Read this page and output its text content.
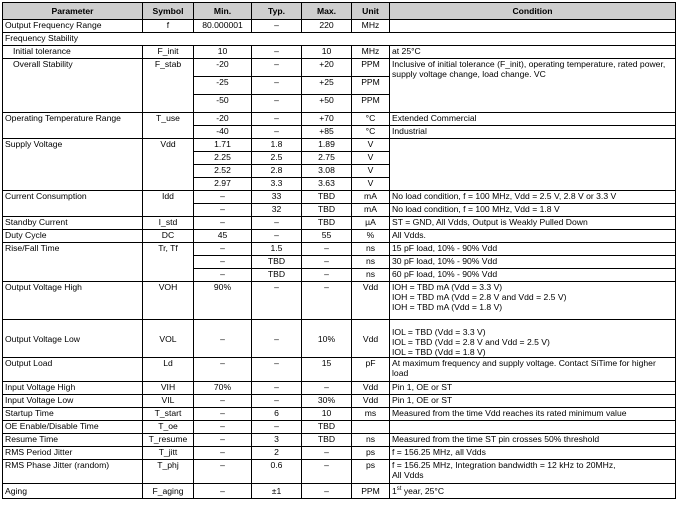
Parameter	Symbol	Min.	Typ.	Max.	Unit	Condition
Output Frequency Range	f	80.000001	–	220	MHz	
Frequency Stability						
Initial tolerance	F_init	10	–	10	MHz	at 25°C
Overall Stability	F_stab	-20	–	+20	PPM	Inclusive of initial tolerance (F_init), operating temperature, rated power, supply voltage change, load change. VC
		-25	–	+25	PPM	
		-50	–	+50	PPM	
Operating Temperature Range	T_use	-20	–	+70	°C	Extended Commercial
		-40	–	+85	°C	Industrial
Supply Voltage	Vdd	1.71	1.8	1.89	V	
		2.25	2.5	2.75	V	
		2.52	2.8	3.08	V	
		2.97	3.3	3.63	V	
Current Consumption	Idd	–	33	TBD	mA	No load condition, f = 100 MHz, Vdd = 2.5 V, 2.8 V or 3.3 V
		–	32	TBD	mA	No load condition, f = 100 MHz, Vdd = 1.8 V
Standby Current	I_std	–	–	TBD	µA	ST = GND, All Vdds, Output is Weakly Pulled Down
Duty Cycle	DC	45	–	55	%	All Vdds.
Rise/Fall Time	Tr, Tf	–	1.5	–	ns	15 pF load, 10% - 90% Vdd
		–	TBD	–	ns	30 pF load, 10% - 90% Vdd
		–	TBD	–	ns	60 pF load, 10% - 90% Vdd
Output Voltage High	VOH	90%	–	–	Vdd	IOH = TBD mA (Vdd = 3.3 V)
IOH = TBD mA (Vdd = 2.8 V and Vdd = 2.5 V)
IOH = TBD mA (Vdd = 1.8 V)

Output Voltage Low	VOL	–	–	10%	Vdd	IOL = TBD (Vdd = 3.3 V)
IOL = TBD (Vdd = 2.8 V and Vdd = 2.5 V)
IOL = TBD (Vdd = 1.8 V)

Output Load	Ld	–	–	15	pF	At maximum frequency and supply voltage. Contact SiTime for higher load
Input Voltage High	VIH	70%	–	–	Vdd	Pin 1, OE or $\overline{ST}$
Input Voltage Low	VIL	–	–	30%	Vdd	Pin 1, OE or $\overline{ST}$
Startup Time	T_start	–	6	10	ms	Measured from the time Vdd reaches its rated minimum value
OE Enable/Disable Time	T_oe	–	–	TBD		
Resume Time	T_resume	–	3	TBD	ns	Measured from the time ST pin crosses 50% threshold
RMS Period Jitter	T_jitt	–	2	–	ps	f = 156.25 MHz, all Vdds
RMS Phase Jitter (random)	T_phj	–	0.6	–	ps	f = 156.25 MHz, Integration bandwidth = 12 kHz to 20MHz,
All Vdds

Aging	F_aging	–	±1	–	PPM	1st year, 25°C
